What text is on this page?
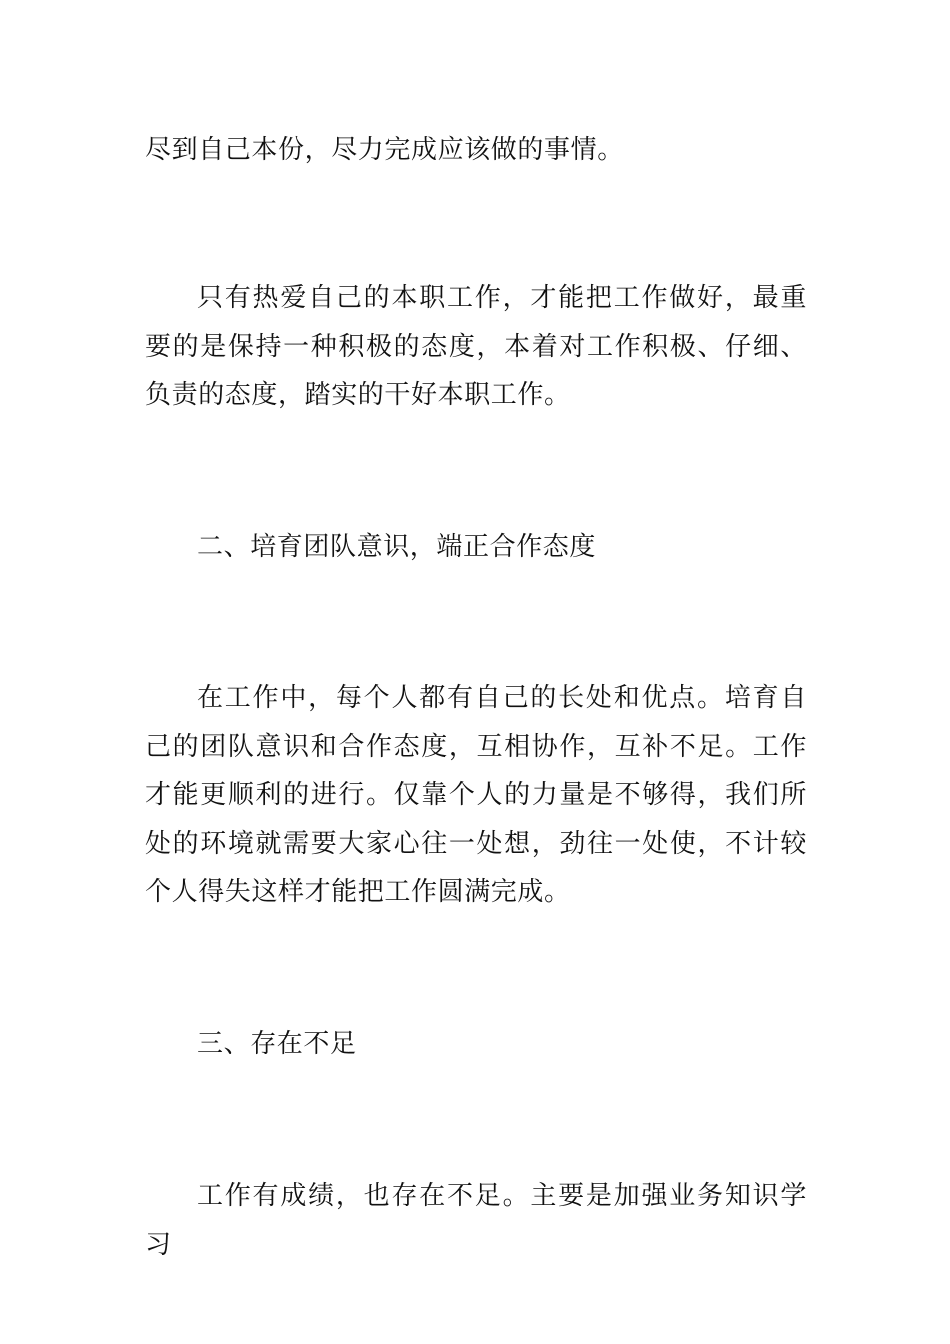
尽到自己本份，尽力完成应该做的事情。

只有热爱自己的本职工作，才能把工作做好，最重要的是保持一种积极的态度，本着对工作积极、仔细、负责的态度，踏实的干好本职工作。

二、培育团队意识，端正合作态度

在工作中，每个人都有自己的长处和优点。培育自己的团队意识和合作态度，互相协作，互补不足。工作才能更顺利的进行。仅靠个人的力量是不够得，我们所处的环境就需要大家心往一处想，劲往一处使，不计较个人得失这样才能把工作圆满完成。

三、存在不足

工作有成绩，也存在不足。主要是加强业务知识学习
